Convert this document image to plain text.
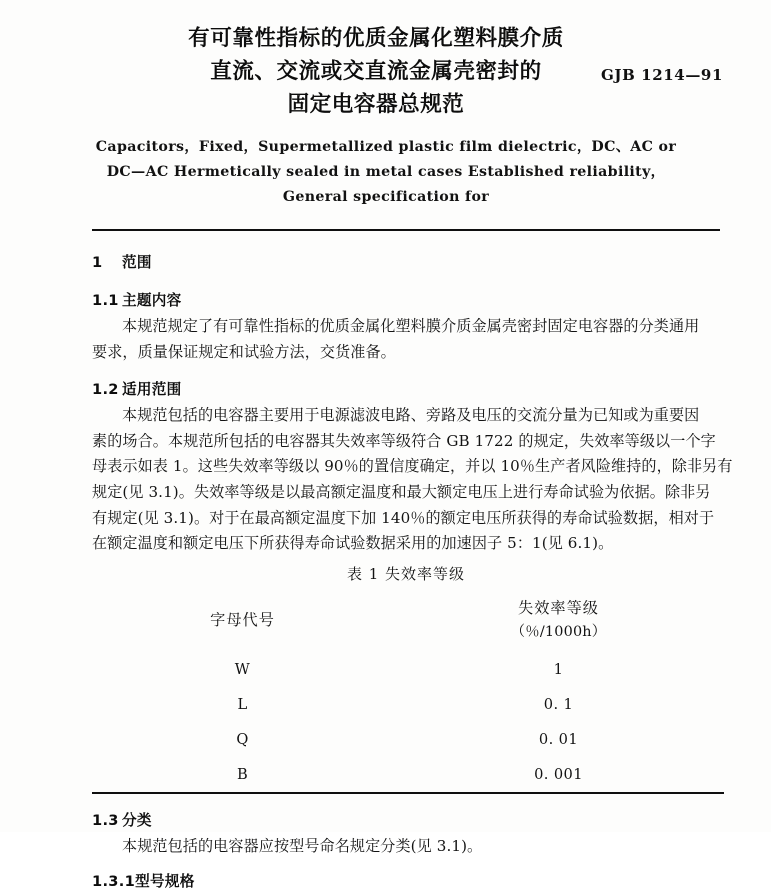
有可靠性指标的优质金属化塑料膜介质
直流、交流或交直流金属壳密封的
固定电容器总规范
GJB 1214—91
Capacitors，Fixed，Supermetallized plastic film dielectric，DC、AC or
DC—AC Hermetically sealed in metal cases Established reliability，
General specification for
1 范围
1.1 主题内容
本规范规定了有可靠性指标的优质金属化塑料膜介质金属壳密封固定电容器的分类通用
要求，质量保证规定和试验方法，交货准备。
1.2 适用范围
本规范包括的电容器主要用于电源滤波电路、旁路及电压的交流分量为已知或为重要因
素的场合。本规范所包括的电容器其失效率等级符合 GB 1722 的规定，失效率等级以一个字
母表示如表 1。这些失效率等级以 90％的置信度确定，并以 10％生产者风险维持的，除非另有
规定(见 3.1)。失效率等级是以最高额定温度和最大额定电压上进行寿命试验为依据。除非另
有规定(见 3.1)。对于在最高额定温度下加 140％的额定电压所获得的寿命试验数据，相对于
在额定温度和额定电压下所获得寿命试验数据采用的加速因子 5：1(见 6.1)。
表 1 失效率等级
字母代号	失效率等级
（％/1000h）

W	1
L	0. 1
Q	0. 01
B	0. 001
1.3 分类
本规范包括的电容器应按型号命名规定分类(见 3.1)。
1.3.1型号规格
